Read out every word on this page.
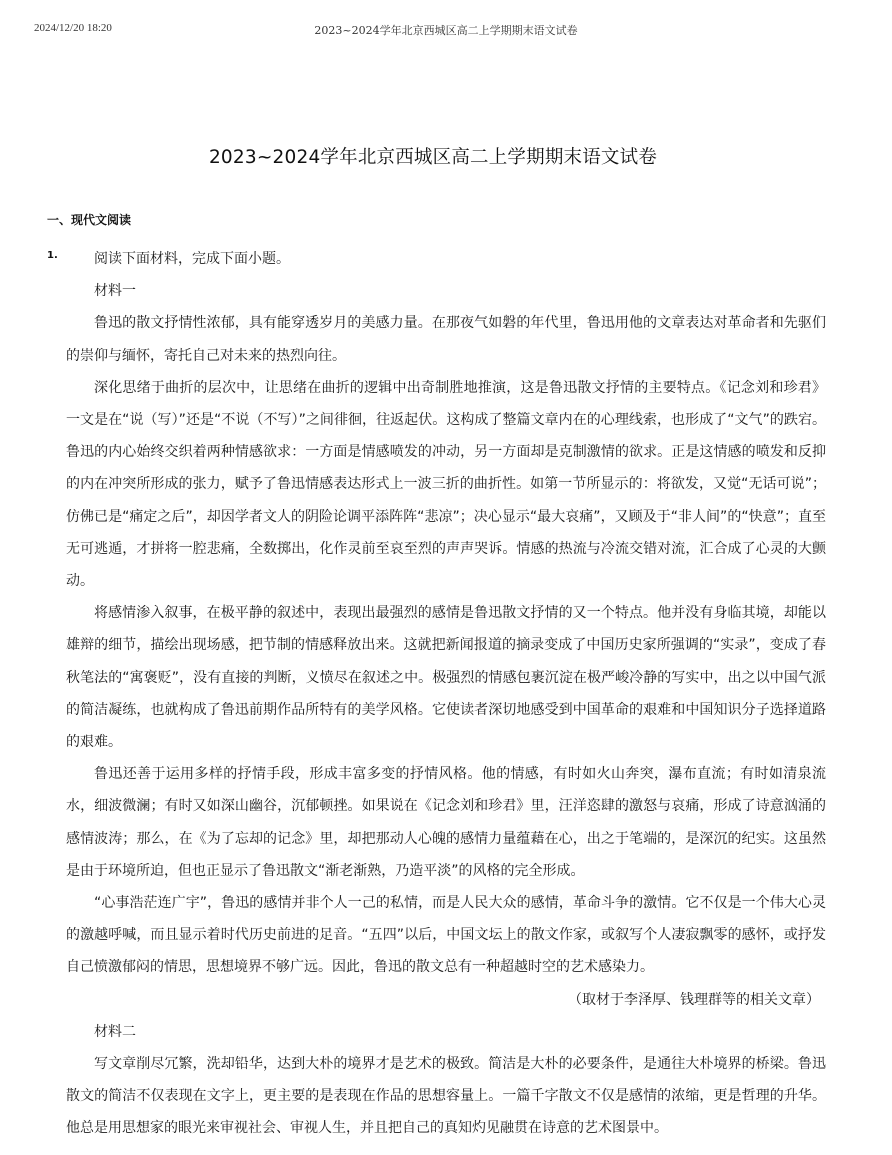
2024/12/20 18:20	2023~2024学年北京西城区高二上学期期末语文试卷
2023~2024学年北京西城区高二上学期期末语文试卷
一、现代文阅读
1.	阅读下面材料，完成下面小题。

材料一

鲁迅的散文抒情性浓郁，具有能穿透岁月的美感力量。在那夜气如磐的年代里，鲁迅用他的文章表达对革命者和先驱们的崇仰与缅怀，寄托自己对未来的热烈向往。

深化思绪于曲折的层次中，让思绪在曲折的逻辑中出奇制胜地推演，这是鲁迅散文抒情的主要特点。《记念刘和珍君》一文是在“说（写）”还是“不说（不写）”之间徘徊，往返起伏。这构成了整篇文章内在的心理线索，也形成了“文气”的跌宕。鲁迅的内心始终交织着两种情感欲求：一方面是情感喷发的冲动，另一方面却是克制激情的欲求。正是这情感的喷发和反抑的内在冲突所形成的张力，赋予了鲁迅情感表达形式上一波三折的曲折性。如第一节所显示的：将欲发，又觉“无话可说”；仿佛已是“痛定之后”，却因学者文人的阴险论调平添阵阵“悲凉”；决心显示“最大哀痛”，又顾及于“非人间”的“快意”；直至无可逃遁，才拼将一腔悲痛，全数掷出，化作灵前至哀至烈的声声哭诉。情感的热流与冷流交错对流，汇合成了心灵的大颤动。

将感情渗入叙事，在极平静的叙述中，表现出最强烈的感情是鲁迅散文抒情的又一个特点。他并没有身临其境，却能以雄辩的细节，描绘出现场感，把节制的情感释放出来。这就把新闻报道的摘录变成了中国历史家所强调的“实录”，变成了春秋笔法的“寓褒贬”，没有直接的判断，义愤尽在叙述之中。极强烈的情感包裹沉淀在极严峻冷静的写实中，出之以中国气派的简洁凝练，也就构成了鲁迅前期作品所特有的美学风格。它使读者深切地感受到中国革命的艰难和中国知识分子选择道路的艰难。

鲁迅还善于运用多样的抒情手段，形成丰富多变的抒情风格。他的情感，有时如火山奔突，瀑布直流；有时如清泉流水，细波微澜；有时又如深山幽谷，沉郁顿挫。如果说在《记念刘和珍君》里，汪洋恣肆的激怒与哀痛，形成了诗意汹涌的感情波涛；那么，在《为了忘却的记念》里，却把那动人心魄的感情力量蕴藉在心，出之于笔端的，是深沉的纪实。这虽然是由于环境所迫，但也正显示了鲁迅散文“渐老渐熟，乃造平淡”的风格的完全形成。

“心事浩茫连广宇”，鲁迅的感情并非个人一己的私情，而是人民大众的感情，革命斗争的激情。它不仅是一个伟大心灵的激越呼喊，而且显示着时代历史前进的足音。“五四”以后，中国文坛上的散文作家，或叙写个人凄寂飘零的感怀，或抒发自己愤激郁闷的情思，思想境界不够广远。因此，鲁迅的散文总有一种超越时空的艺术感染力。

（取材于李泽厚、钱理群等的相关文章）

材料二

写文章削尽冗繁，洗却铅华，达到大朴的境界才是艺术的极致。简洁是大朴的必要条件，是通往大朴境界的桥梁。鲁迅散文的简洁不仅表现在文字上，更主要的是表现在作品的思想容量上。一篇千字散文不仅是感情的浓缩，更是哲理的升华。他总是用思想家的眼光来审视社会、审视人生，并且把自己的真知灼见融贯在诗意的艺术图景中。
